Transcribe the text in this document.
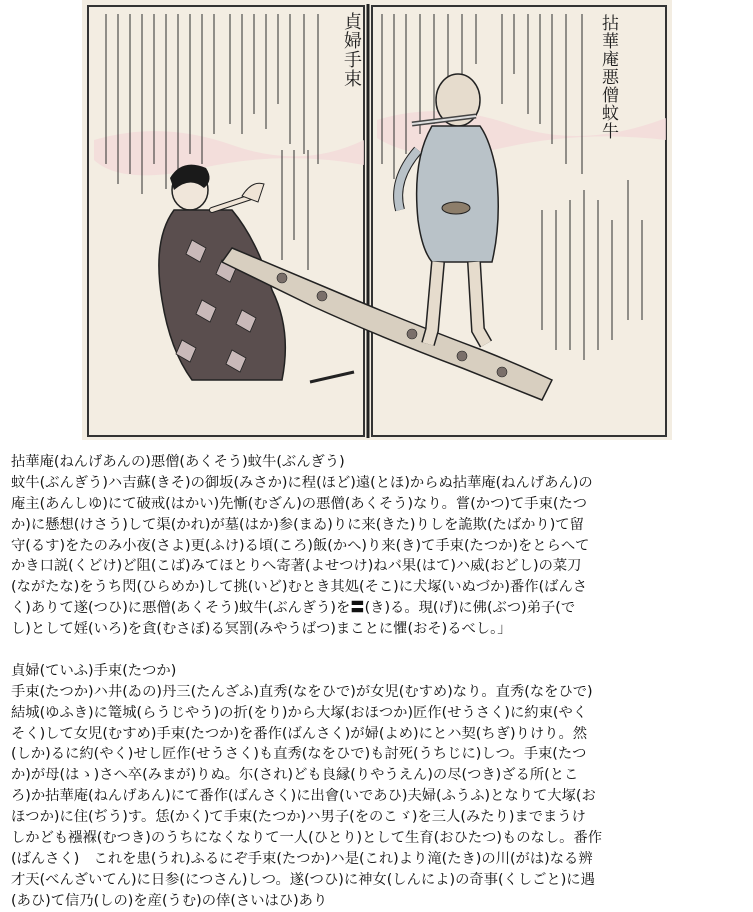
貞婦手束	拈華庵悪僧蚊牛
拈華庵(ねんげあんの)悪僧(あくそう)蚊牛(ぶんぎう)
蚊牛(ぶんぎう)ハ吉蘇(きそ)の御坂(みさか)に程(ほど)遠(とほ)からぬ拈華庵(ねんげあん)の
庵主(あんしゆ)にて破戒(はかい)先慚(むざん)の悪僧(あくそう)なり。嘗(かつ)て手束(たつ
か)に懸想(けさう)して渠(かれ)が墓(はか)参(まゐ)りに来(きた)りしを詭欺(たばかり)て留
守(るす)をたのみ小夜(さよ)更(ふけ)る頃(ころ)飯(かへ)り来(き)て手束(たつか)をとらへて
かき口説(くどけ)ど阻(こば)みてほとりへ寄著(よせつけ)ねバ果(はて)ハ威(おどし)の菜刀
(ながたな)をうち閃(ひらめか)して挑(いど)むとき其処(そこ)に犬塚(いぬづか)番作(ばんさ
く)ありて遂(つひ)に悪僧(あくそう)蚊牛(ぶんぎう)を〓(き)る。現(げ)に佛(ぶつ)弟子(で
し)として婬(いろ)を貪(むさぼ)る冥罰(みやうばつ)まことに懼(おそ)るべし。」
貞婦(ていふ)手束(たつか)
手束(たつか)ハ井(ゐの)丹三(たんざふ)直秀(なをひで)が女児(むすめ)なり。直秀(なをひで)
結城(ゆふき)に篭城(らうじやう)の折(をり)から大塚(おほつか)匠作(せうさく)に約束(やく
そく)して女児(むすめ)手束(たつか)を番作(ばんさく)が婦(よめ)にとハ契(ちぎ)りけり。然
(しか)るに約(やく)せし匠作(せうさく)も直秀(なをひで)も討死(うちじに)しつ。手束(たつ
か)が母(はゝ)さへ卒(みまが)りぬ。尓(され)ども良縁(りやうえん)の尽(つき)ざる所(とこ
ろ)か拈華庵(ねんげあん)にて番作(ばんさく)に出會(いであひ)夫婦(ふうふ)となりて大塚(お
ほつか)に住(ぢう)す。恁(かく)て手束(たつか)ハ男子(をのこゞ)を三人(みたり)までまうけ
しかども襁褓(むつき)のうちになくなりて一人(ひとり)として生育(おひたつ)ものなし。番作
(ばんさく)　これを患(うれ)ふるにぞ手束(たつか)ハ是(これ)より滝(たき)の川(がは)なる辨
才天(べんざいてん)に日参(につさん)しつ。遂(つひ)に神女(しんによ)の奇事(くしごと)に遇
(あひ)て信乃(しの)を産(うむ)の倖(さいはひ)あり
